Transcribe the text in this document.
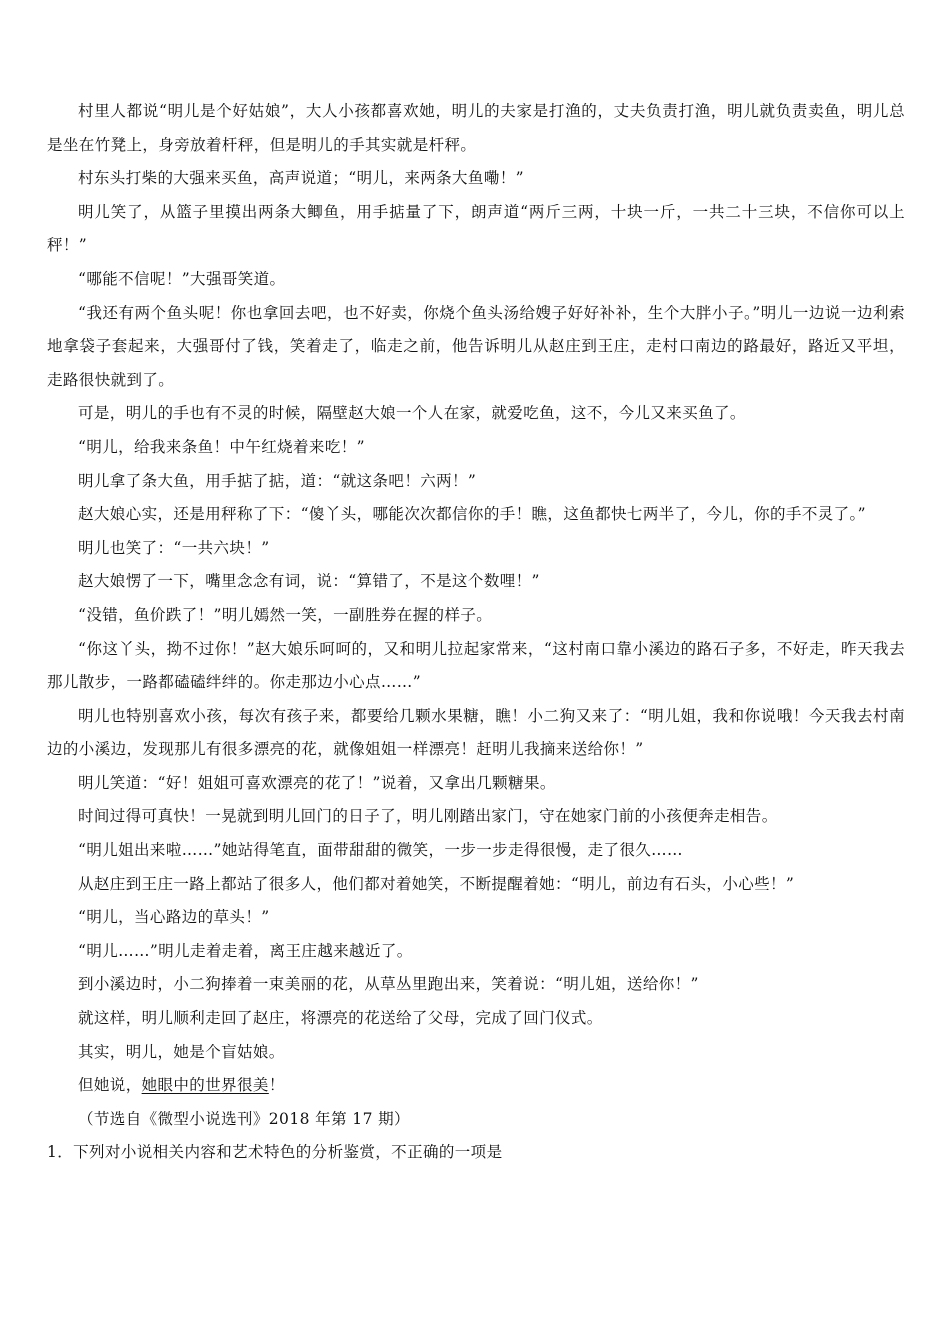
村里人都说“明儿是个好姑娘”，大人小孩都喜欢她，明儿的夫家是打渔的，丈夫负责打渔，明儿就负责卖鱼，明儿总是坐在竹凳上，身旁放着杆秤，但是明儿的手其实就是杆秤。

村东头打柴的大强来买鱼，高声说道；“明儿，来两条大鱼嘞！”

明儿笑了，从篮子里摸出两条大鲫鱼，用手掂量了下，朗声道“两斤三两，十块一斤，一共二十三块，不信你可以上秤！”

“哪能不信呢！”大强哥笑道。

“我还有两个鱼头呢！你也拿回去吧，也不好卖，你烧个鱼头汤给嫂子好好补补，生个大胖小子。”明儿一边说一边利索地拿袋子套起来，大强哥付了钱，笑着走了，临走之前，他告诉明儿从赵庄到王庄，走村口南边的路最好，路近又平坦，走路很快就到了。

可是，明儿的手也有不灵的时候，隔壁赵大娘一个人在家，就爱吃鱼，这不，今儿又来买鱼了。

“明儿，给我来条鱼！中午红烧着来吃！”

明儿拿了条大鱼，用手掂了掂，道：“就这条吧！六两！”

赵大娘心实，还是用秤称了下：“傻丫头，哪能次次都信你的手！瞧，这鱼都快七两半了，今儿，你的手不灵了。”

明儿也笑了：“一共六块！”

赵大娘愣了一下，嘴里念念有词，说：“算错了，不是这个数哩！”

“没错，鱼价跌了！”明儿嫣然一笑，一副胜券在握的样子。

“你这丫头，拗不过你！”赵大娘乐呵呵的，又和明儿拉起家常来，“这村南口靠小溪边的路石子多，不好走，昨天我去那儿散步，一路都磕磕绊绊的。你走那边小心点……”

明儿也特别喜欢小孩，每次有孩子来，都要给几颗水果糖，瞧！小二狗又来了：“明儿姐，我和你说哦！今天我去村南边的小溪边，发现那儿有很多漂亮的花，就像姐姐一样漂亮！赶明儿我摘来送给你！”

明儿笑道：“好！姐姐可喜欢漂亮的花了！”说着，又拿出几颗糖果。

时间过得可真快！一晃就到明儿回门的日子了，明儿刚踏出家门，守在她家门前的小孩便奔走相告。

“明儿姐出来啦……”她站得笔直，面带甜甜的微笑，一步一步走得很慢，走了很久……

从赵庄到王庄一路上都站了很多人，他们都对着她笑，不断提醒着她：“明儿，前边有石头，小心些！”

“明儿，当心路边的草头！”

“明儿……”明儿走着走着，离王庄越来越近了。

到小溪边时，小二狗捧着一束美丽的花，从草丛里跑出来，笑着说：“明儿姐，送给你！”

就这样，明儿顺利走回了赵庄，将漂亮的花送给了父母，完成了回门仪式。

其实，明儿，她是个盲姑娘。

但她说，她眼中的世界很美！

（节选自《微型小说选刊》2018 年第 17 期）

1．下列对小说相关内容和艺术特色的分析鉴赏，不正确的一项是
